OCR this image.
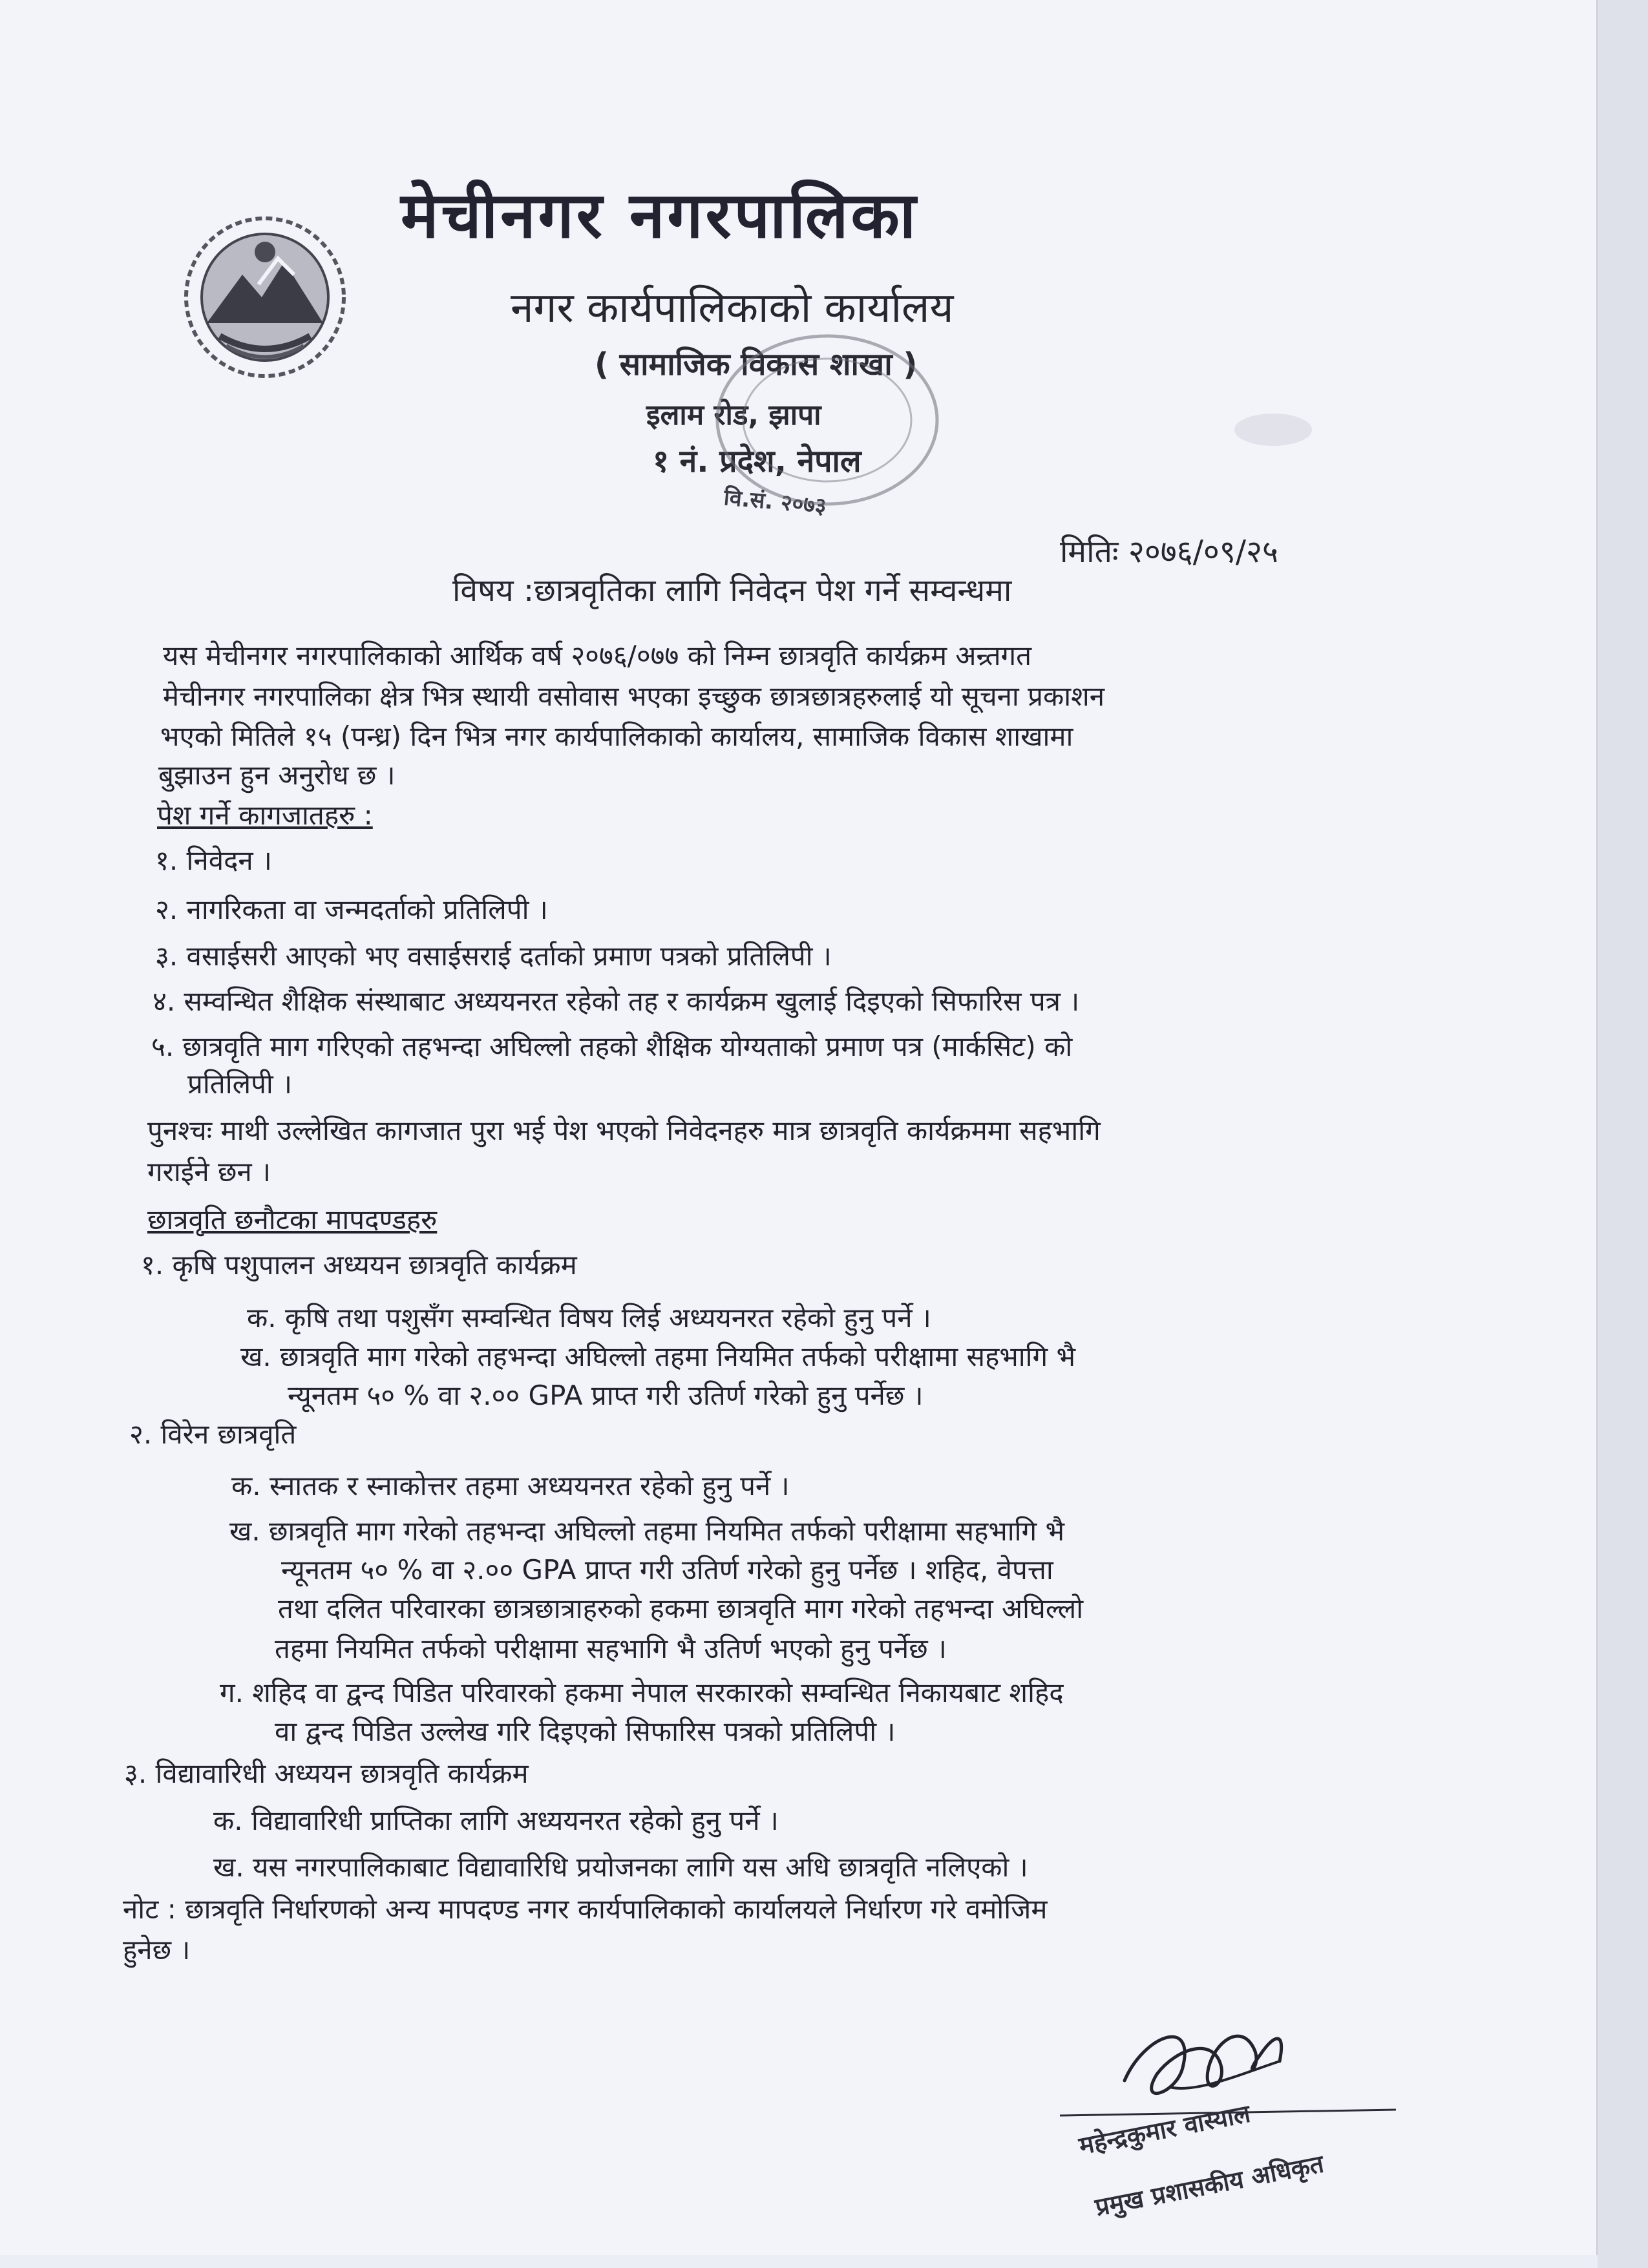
मेचीनगर नगरपालिका
नगर कार्यपालिकाको कार्यालय
( सामाजिक विकास शाखा )
इलाम रोड, झापा
१ नं. प्रदेश, नेपाल
वि.सं. २०७३
मितिः २०७६/०९/२५
विषय :छात्रवृतिका लागि निवेदन पेश गर्ने सम्वन्धमा
यस मेचीनगर नगरपालिकाको आर्थिक वर्ष २०७६/०७७ को निम्न छात्रवृति कार्यक्रम अन्र्तगत
मेचीनगर नगरपालिका क्षेत्र भित्र स्थायी वसोवास भएका इच्छुक छात्रछात्रहरुलाई यो सूचना प्रकाशन
भएको मितिले १५ (पन्ध्र) दिन भित्र नगर कार्यपालिकाको कार्यालय, सामाजिक विकास शाखामा
बुझाउन हुन अनुरोध छ ।
पेश गर्ने कागजातहरु :
१. निवेदन ।
२. नागरिकता वा जन्मदर्ताको प्रतिलिपी ।
३. वसाईसरी आएको भए वसाईसराई दर्ताको प्रमाण पत्रको प्रतिलिपी ।
४. सम्वन्धित शैक्षिक संस्थाबाट अध्ययनरत रहेको तह र कार्यक्रम खुलाई दिइएको सिफारिस पत्र ।
५. छात्रवृति माग गरिएको तहभन्दा अघिल्लो तहको शैक्षिक योग्यताको प्रमाण पत्र (मार्कसिट) को
प्रतिलिपी ।
पुनश्चः माथी उल्लेखित कागजात पुरा भई पेश भएको निवेदनहरु मात्र छात्रवृति कार्यक्रममा सहभागि
गराईने छन ।
छात्रवृति छनौटका मापदण्डहरु
१. कृषि पशुपालन अध्ययन छात्रवृति कार्यक्रम
क. कृषि तथा पशुसँग सम्वन्धित विषय लिई अध्ययनरत रहेको हुनु पर्ने ।
ख. छात्रवृति माग गरेको तहभन्दा अघिल्लो तहमा नियमित तर्फको परीक्षामा सहभागि भै
न्यूनतम ५० % वा २.०० GPA प्राप्त गरी उतिर्ण गरेको हुनु पर्नेछ ।
२. विरेन छात्रवृति
क. स्नातक र स्नाकोत्तर तहमा अध्ययनरत रहेको हुनु पर्ने ।
ख. छात्रवृति माग गरेको तहभन्दा अघिल्लो तहमा नियमित तर्फको परीक्षामा सहभागि भै
न्यूनतम ५० % वा २.०० GPA प्राप्त गरी उतिर्ण गरेको हुनु पर्नेछ । शहिद, वेपत्ता
तथा दलित परिवारका छात्रछात्राहरुको हकमा छात्रवृति माग गरेको तहभन्दा अघिल्लो
तहमा नियमित तर्फको परीक्षामा सहभागि भै उतिर्ण भएको हुनु पर्नेछ ।
ग. शहिद वा द्वन्द पिडित परिवारको हकमा नेपाल सरकारको सम्वन्धित निकायबाट शहिद
वा द्वन्द पिडित उल्लेख गरि दिइएको सिफारिस पत्रको प्रतिलिपी ।
३. विद्यावारिधी अध्ययन छात्रवृति कार्यक्रम
क. विद्यावारिधी प्राप्तिका लागि अध्ययनरत रहेको हुनु पर्ने ।
ख. यस नगरपालिकाबाट विद्यावारिधि प्रयोजनका लागि यस अधि छात्रवृति नलिएको ।
नोट : छात्रवृति निर्धारणको अन्य मापदण्ड नगर कार्यपालिकाको कार्यालयले निर्धारण गरे वमोजिम
हुनेछ ।
महेन्द्रकुमार वास्याल
प्रमुख प्रशासकीय अधिकृत
